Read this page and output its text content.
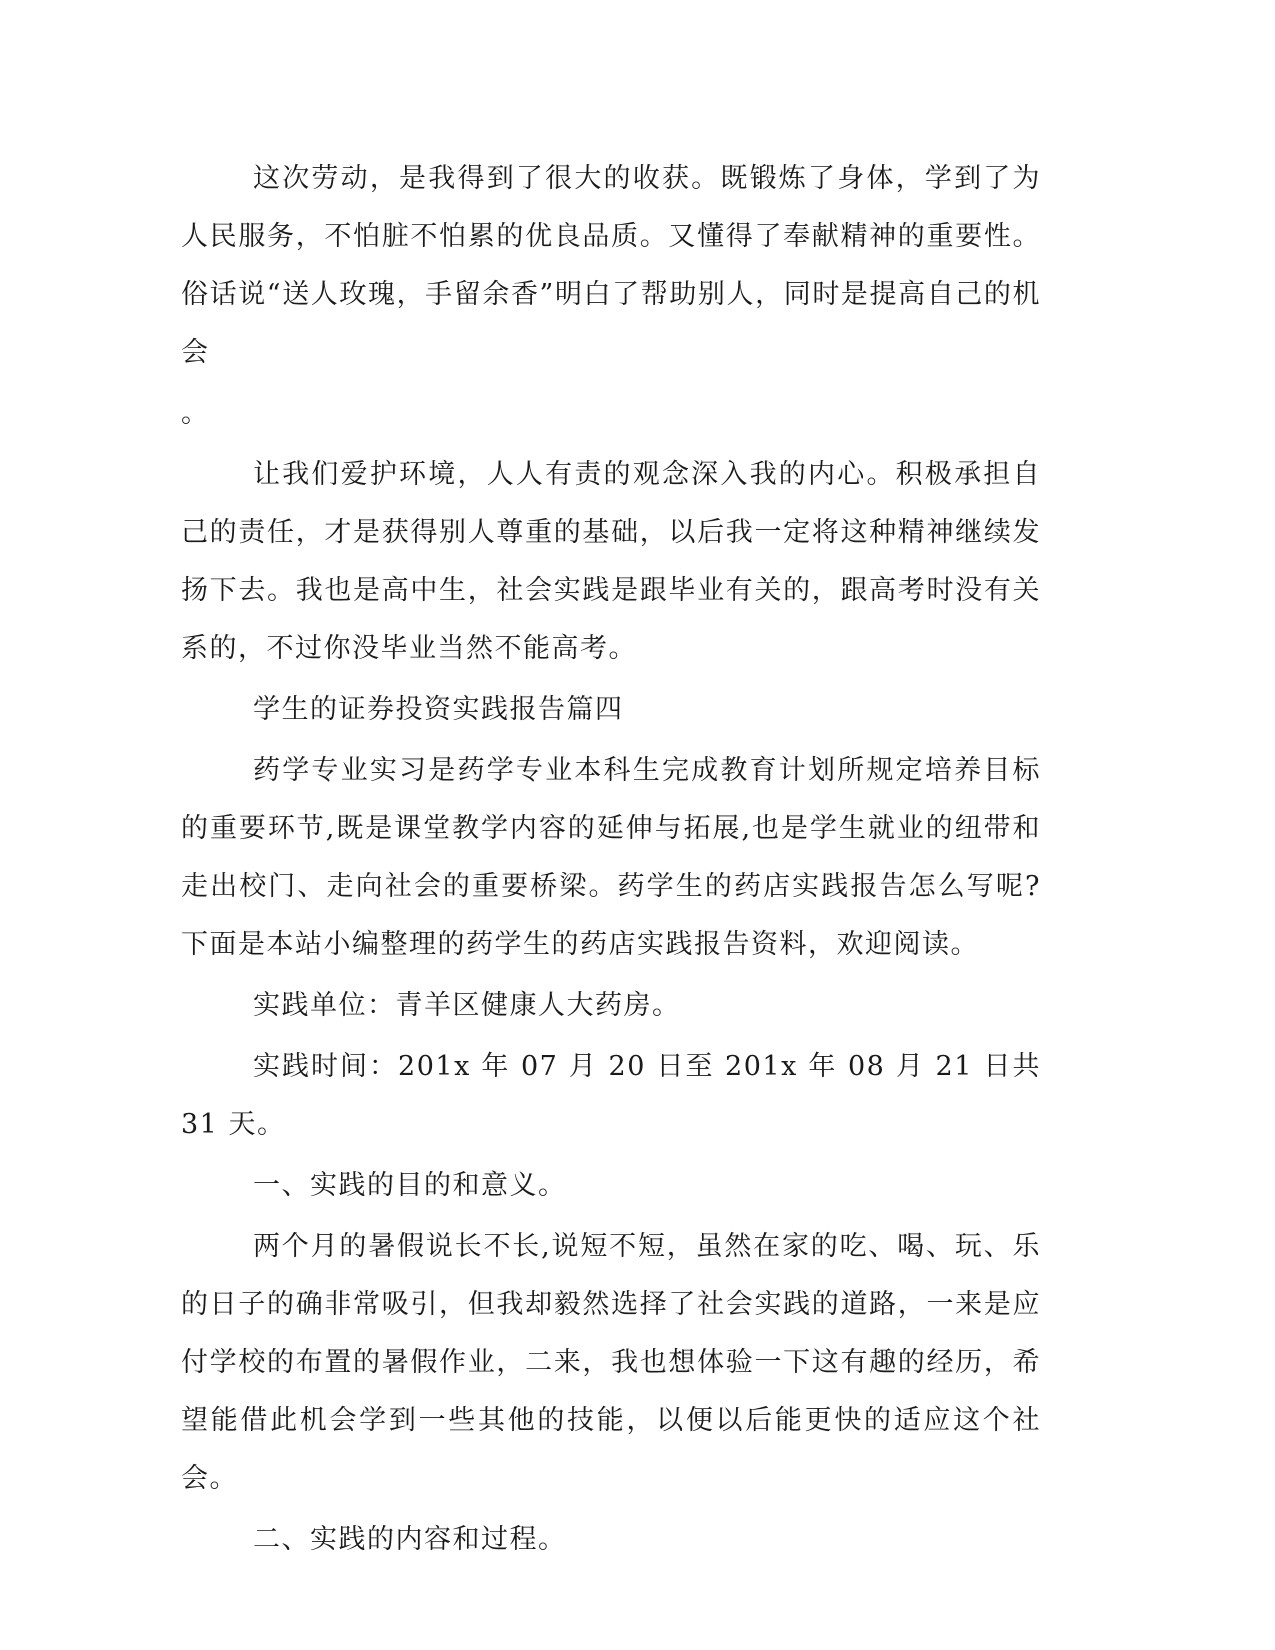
这次劳动，是我得到了很大的收获。既锻炼了身体，学到了为人民服务，不怕脏不怕累的优良品质。又懂得了奉献精神的重要性。俗话说“送人玫瑰，手留余香”明白了帮助别人，同时是提高自己的机会

。

让我们爱护环境，人人有责的观念深入我的内心。积极承担自己的责任，才是获得别人尊重的基础，以后我一定将这种精神继续发扬下去。我也是高中生，社会实践是跟毕业有关的，跟高考时没有关系的，不过你没毕业当然不能高考。

学生的证券投资实践报告篇四

药学专业实习是药学专业本科生完成教育计划所规定培养目标的重要环节,既是课堂教学内容的延伸与拓展,也是学生就业的纽带和走出校门、走向社会的重要桥梁。药学生的药店实践报告怎么写呢?下面是本站小编整理的药学生的药店实践报告资料，欢迎阅读。

实践单位：青羊区健康人大药房。

实践时间：201x 年 07 月 20 日至 201x 年 08 月 21 日共 31 天。

一、实践的目的和意义。

两个月的暑假说长不长,说短不短，虽然在家的吃、喝、玩、乐的日子的确非常吸引，但我却毅然选择了社会实践的道路，一来是应付学校的布置的暑假作业，二来，我也想体验一下这有趣的经历，希望能借此机会学到一些其他的技能，以便以后能更快的适应这个社会。

二、实践的内容和过程。
